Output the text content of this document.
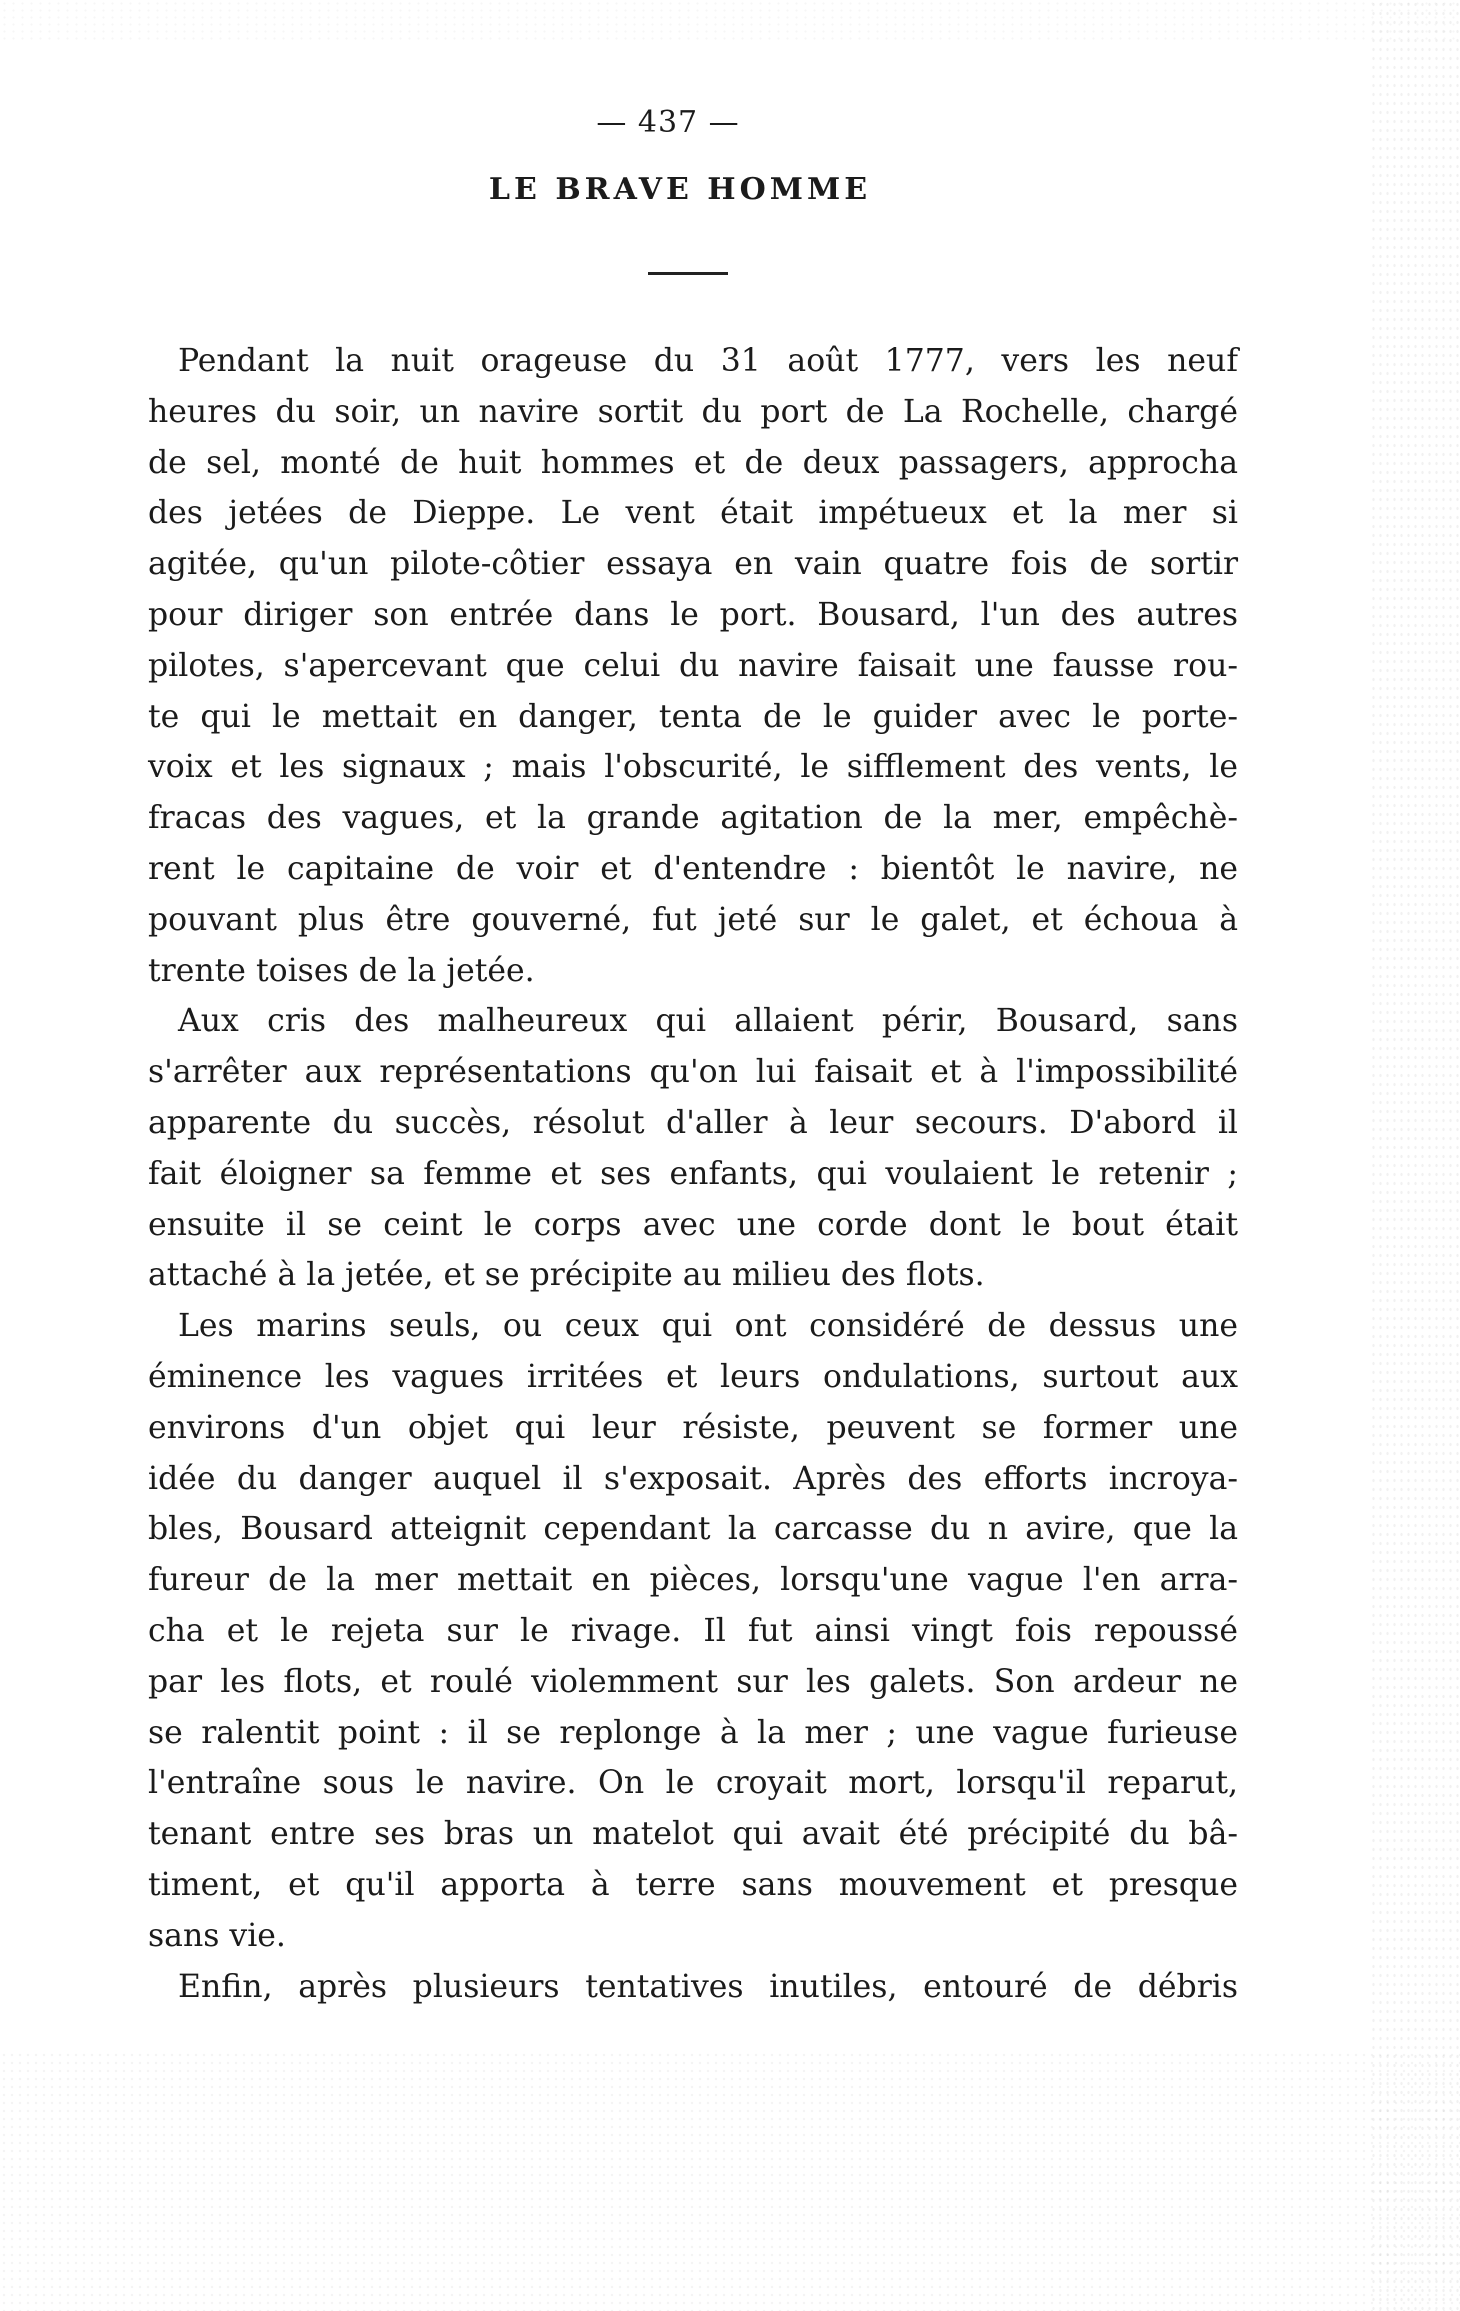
— 437 —
LE BRAVE HOMME
Pendant la nuit orageuse du 31 août 1777, vers les neuf
heures du soir, un navire sortit du port de La Rochelle, chargé
de sel, monté de huit hommes et de deux passagers, approcha
des jetées de Dieppe. Le vent était impétueux et la mer si
agitée, qu'un pilote-côtier essaya en vain quatre fois de sortir
pour diriger son entrée dans le port. Bousard, l'un des autres
pilotes, s'apercevant que celui du navire faisait une fausse rou-
te qui le mettait en danger, tenta de le guider avec le porte-
voix et les signaux ; mais l'obscurité, le sifflement des vents, le
fracas des vagues, et la grande agitation de la mer, empêchè-
rent le capitaine de voir et d'entendre : bientôt le navire, ne
pouvant plus être gouverné, fut jeté sur le galet, et échoua à
trente toises de la jetée.
Aux cris des malheureux qui allaient périr, Bousard, sans
s'arrêter aux représentations qu'on lui faisait et à l'impossibilité
apparente du succès, résolut d'aller à leur secours. D'abord il
fait éloigner sa femme et ses enfants, qui voulaient le retenir ;
ensuite il se ceint le corps avec une corde dont le bout était
attaché à la jetée, et se précipite au milieu des flots.
Les marins seuls, ou ceux qui ont considéré de dessus une
éminence les vagues irritées et leurs ondulations, surtout aux
environs d'un objet qui leur résiste, peuvent se former une
idée du danger auquel il s'exposait. Après des efforts incroya-
bles, Bousard atteignit cependant la carcasse du n avire, que la
fureur de la mer mettait en pièces, lorsqu'une vague l'en arra-
cha et le rejeta sur le rivage. Il fut ainsi vingt fois repoussé
par les flots, et roulé violemment sur les galets. Son ardeur ne
se ralentit point : il se replonge à la mer ; une vague furieuse
l'entraîne sous le navire. On le croyait mort, lorsqu'il reparut,
tenant entre ses bras un matelot qui avait été précipité du bâ-
timent, et qu'il apporta à terre sans mouvement et presque
sans vie.
Enfin, après plusieurs tentatives inutiles, entouré de débris
